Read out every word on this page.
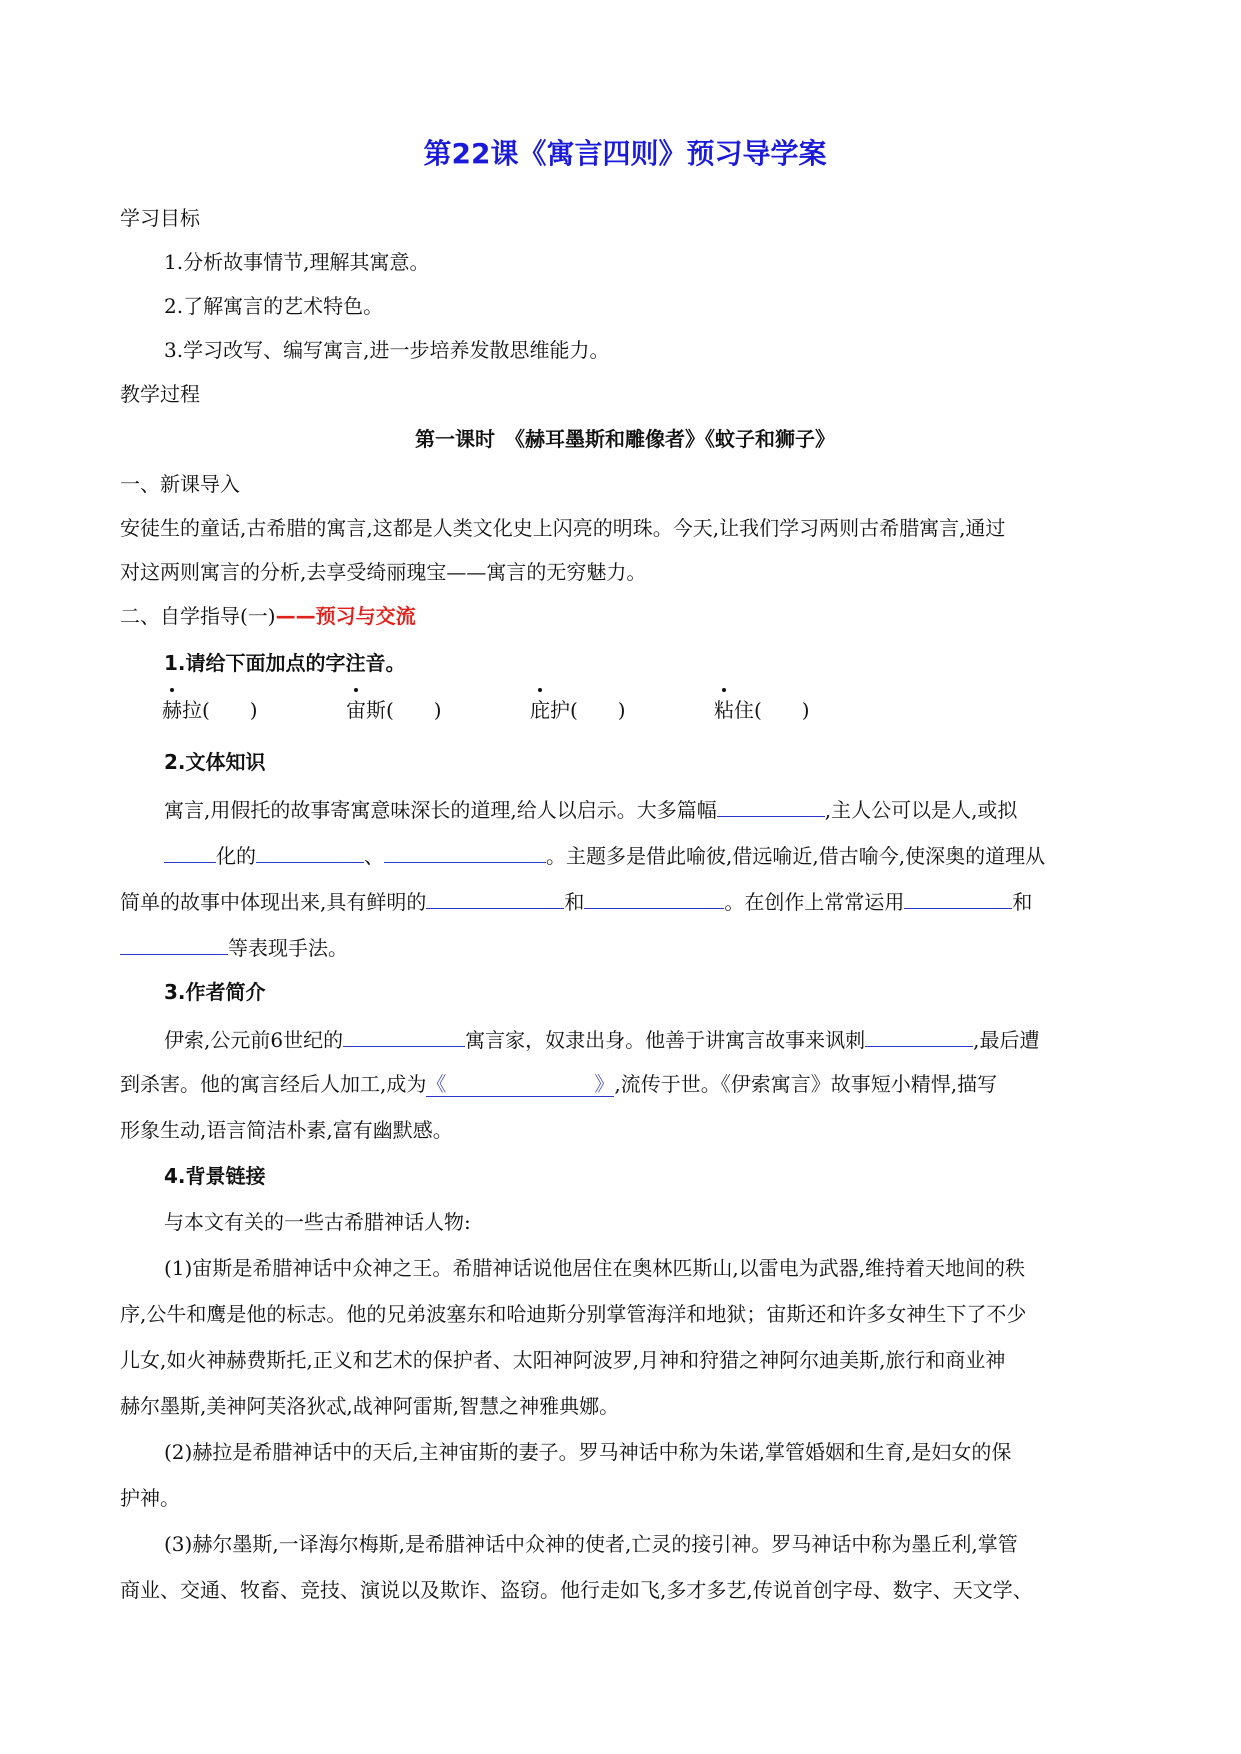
第22课《寓言四则》预习导学案
学习目标
1.分析故事情节,理解其寓意。
2.了解寓言的艺术特色。
3.学习改写、编写寓言,进一步培养发散思维能力。
教学过程
第一课时　《赫耳墨斯和雕像者》《蚊子和狮子》
一、新课导入
安徒生的童话,古希腊的寓言,这都是人类文化史上闪亮的明珠。今天,让我们学习两则古希腊寓言,通过
对这两则寓言的分析,去享受绮丽瑰宝——寓言的无穷魅力。
二、自学指导(一)——预习与交流
1.请给下面加点的字注音。
赫拉(　　)	宙斯(　　)	庇护(　　)	粘住(　　)
2.文体知识
寓言,用假托的故事寄寓意味深长的道理,给人以启示。大多篇幅	,主人公可以是人,或拟
化的	、	。主题多是借此喻彼,借远喻近,借古喻今,使深奥的道理从
简单的故事中体现出来,具有鲜明的	和	。在创作上常常运用	和
等表现手法。
3.作者简介
伊索,公元前6世纪的	寓言家，奴隶出身。他善于讲寓言故事来讽刺	,最后遭
到杀害。他的寓言经后人加工,成为《	》,流传于世。《伊索寓言》故事短小精悍,描写
形象生动,语言简洁朴素,富有幽默感。
4.背景链接
与本文有关的一些古希腊神话人物:
(1)宙斯是希腊神话中众神之王。希腊神话说他居住在奥林匹斯山,以雷电为武器,维持着天地间的秩
序,公牛和鹰是他的标志。他的兄弟波塞东和哈迪斯分别掌管海洋和地狱；宙斯还和许多女神生下了不少
儿女,如火神赫费斯托,正义和艺术的保护者、太阳神阿波罗,月神和狩猎之神阿尔迪美斯,旅行和商业神
赫尔墨斯,美神阿芙洛狄忒,战神阿雷斯,智慧之神雅典娜。
(2)赫拉是希腊神话中的天后,主神宙斯的妻子。罗马神话中称为朱诺,掌管婚姻和生育,是妇女的保
护神。
(3)赫尔墨斯,一译海尔梅斯,是希腊神话中众神的使者,亡灵的接引神。罗马神话中称为墨丘利,掌管
商业、交通、牧畜、竞技、演说以及欺诈、盗窃。他行走如飞,多才多艺,传说首创字母、数字、天文学、
